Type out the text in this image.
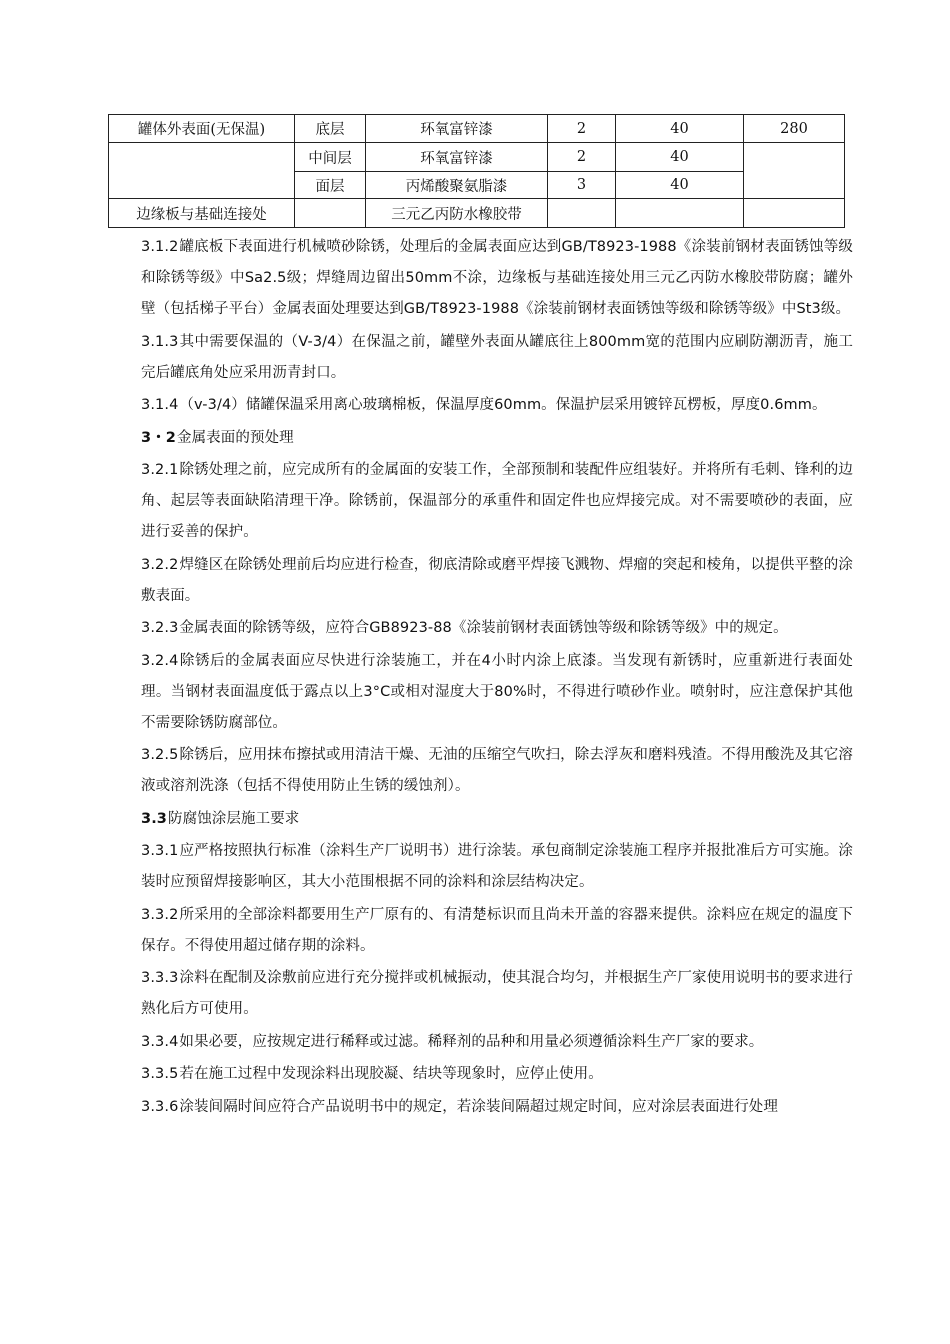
罐体外表面(无保温)	底层	环氧富锌漆	2	40	280
	中间层	环氧富锌漆	2	40	
	面层	丙烯酸聚氨脂漆	3	40	
边缘板与基础连接处		三元乙丙防水橡胶带			

3.1.2罐底板下表面进行机械喷砂除锈，处理后的金属表面应达到GB/T8923-1988《涂装前钢材表面锈蚀等级和除锈等级》中Sa2.5级；焊缝周边留出50mm不涂，边缘板与基础连接处用三元乙丙防水橡胶带防腐；罐外壁（包括梯子平台）金属表面处理要达到GB/T8923-1988《涂装前钢材表面锈蚀等级和除锈等级》中St3级。

3.1.3其中需要保温的（V-3/4）在保温之前，罐壁外表面从罐底往上800mm宽的范围内应刷防潮沥青，施工完后罐底角处应采用沥青封口。

3.1.4（v-3/4）储罐保温采用离心玻璃棉板，保温厚度60mm。保温护层采用镀锌瓦楞板，厚度0.6mm。

3・2金属表面的预处理

3.2.1除锈处理之前，应完成所有的金属面的安装工作，全部预制和装配件应组装好。并将所有毛刺、锋利的边角、起层等表面缺陷清理干净。除锈前，保温部分的承重件和固定件也应焊接完成。对不需要喷砂的表面，应进行妥善的保护。

3.2.2焊缝区在除锈处理前后均应进行检查，彻底清除或磨平焊接飞溅物、焊瘤的突起和棱角，以提供平整的涂敷表面。

3.2.3金属表面的除锈等级，应符合GB8923-88《涂装前钢材表面锈蚀等级和除锈等级》中的规定。

3.2.4除锈后的金属表面应尽快进行涂装施工，并在4小时内涂上底漆。当发现有新锈时，应重新进行表面处理。当钢材表面温度低于露点以上3°C或相对湿度大于80%时，不得进行喷砂作业。喷射时，应注意保护其他不需要除锈防腐部位。

3.2.5除锈后，应用抹布擦拭或用清洁干燥、无油的压缩空气吹扫，除去浮灰和磨料残渣。不得用酸洗及其它溶液或溶剂洗涤（包括不得使用防止生锈的缓蚀剂）。

3.3防腐蚀涂层施工要求

3.3.1应严格按照执行标准（涂料生产厂说明书）进行涂装。承包商制定涂装施工程序并报批准后方可实施。涂装时应预留焊接影响区，其大小范围根据不同的涂料和涂层结构决定。

3.3.2所采用的全部涂料都要用生产厂原有的、有清楚标识而且尚未开盖的容器来提供。涂料应在规定的温度下保存。不得使用超过储存期的涂料。

3.3.3涂料在配制及涂敷前应进行充分搅拌或机械振动，使其混合均匀，并根据生产厂家使用说明书的要求进行熟化后方可使用。

3.3.4如果必要，应按规定进行稀释或过滤。稀释剂的品种和用量必须遵循涂料生产厂家的要求。

3.3.5若在施工过程中发现涂料出现胶凝、结块等现象时，应停止使用。

3.3.6涂装间隔时间应符合产品说明书中的规定，若涂装间隔超过规定时间，应对涂层表面进行处理
